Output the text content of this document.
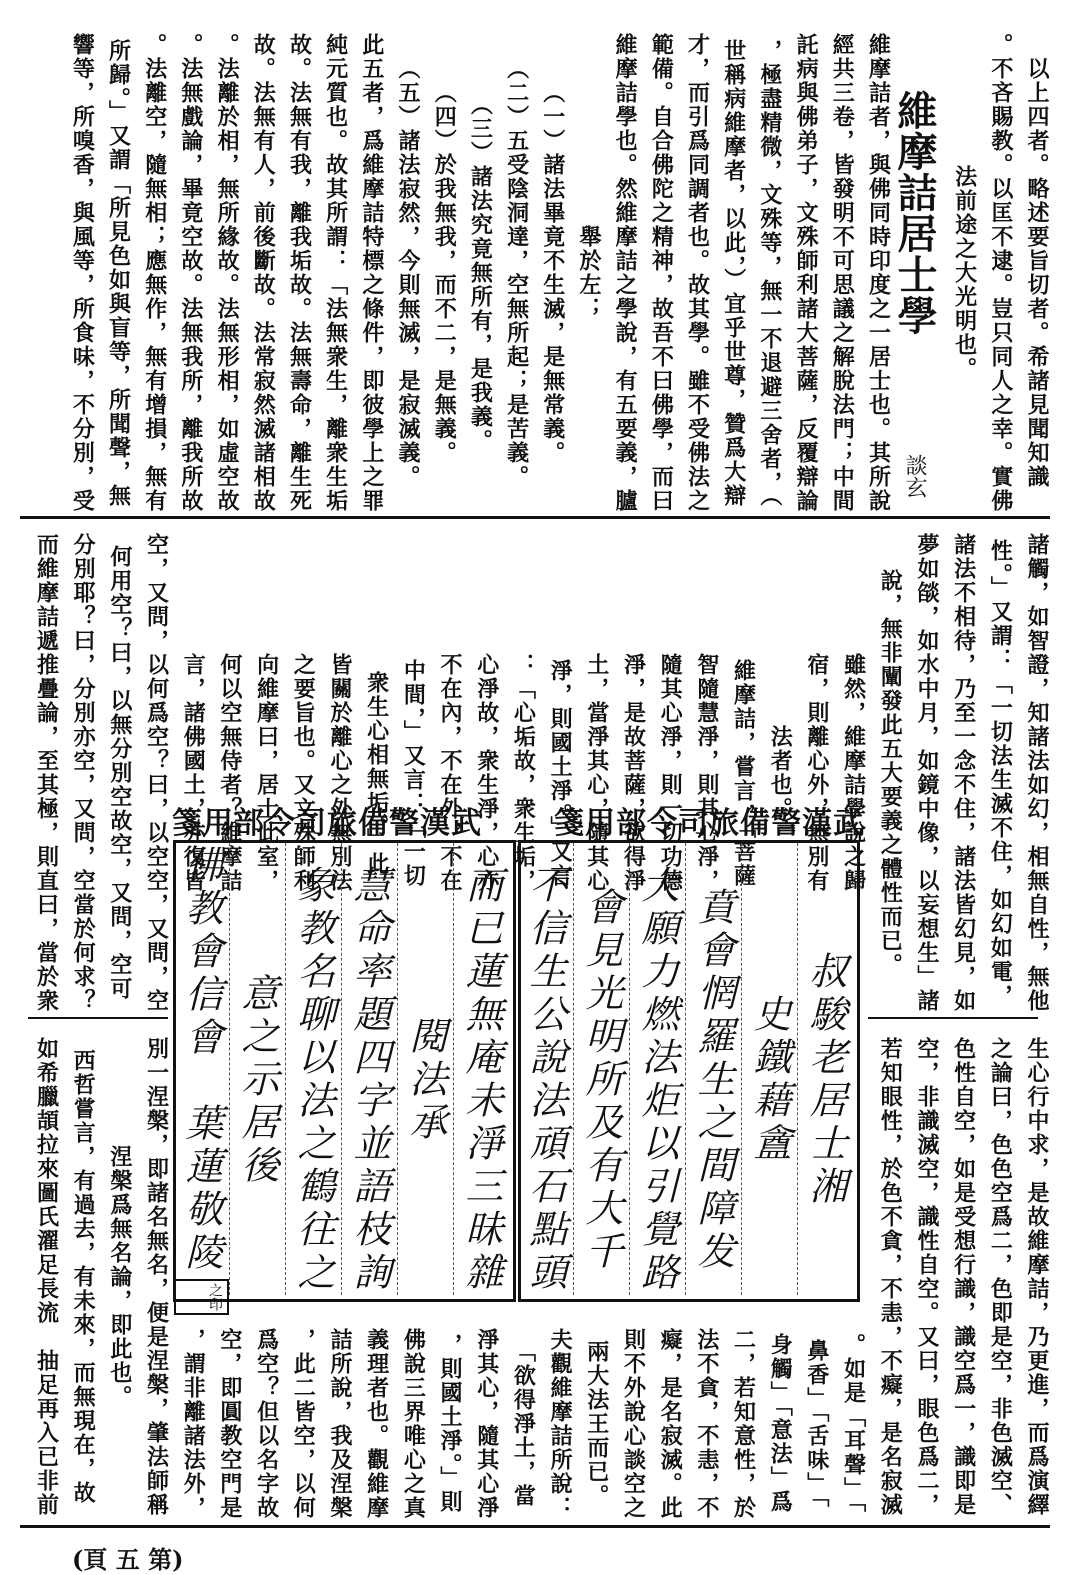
以上四者。略述要旨切者。希諸見聞知識
。不吝賜教。以匡不逮。豈只同人之幸。實佛
法前途之大光明也。
維摩詰居士學
談玄
維摩詰者，與佛同時印度之一居士也。其所說
經共三卷，皆發明不可思議之解脫法門；中間
託病與佛弟子，文殊師利諸大菩薩，反覆辯論
，極盡精微，文殊等，無一不退避三舍者，（
世稱病維摩者，以此，）宜乎世尊，贊爲大辯
才，而引爲同調者也。故其學。雖不受佛法之
範備。自合佛陀之精神，故吾不曰佛學，而曰
維摩詰學也。然維摩詰之學說，有五要義，臚
舉於左；
（一）諸法畢竟不生滅，是無常義。
（二）五受陰洞達，空無所起；是苦義。
（三）諸法究竟無所有，是我義。
（四）於我無我，而不二，是無義。
（五）諸法寂然，今則無滅，是寂滅義。
此五者，爲維摩詰特標之條件，即彼學上之罪
純元質也。故其所謂：「法無衆生，離衆生垢
故。法無有我，離我垢故。法無壽命，離生死
故。法無有人，前後斷故。法常寂然滅諸相故
。法離於相，無所緣故。法無形相，如虛空故
。法無戲論，畢竟空故。法無我所，離我所故
。法離空，隨無相；應無作，無有增損，無有
所歸。」又謂「所見色如與盲等，所聞聲，無
響等，所嗅香，與風等，所食味，不分別，受
諸觸，如智證，知諸法如幻，相無自性，無他
性。」又謂：「一切法生滅不住，如幻如電，
諸法不相待，乃至一念不住，諸法皆幻見，如
夢如燄，如水中月，如鏡中像，以妄想生」諸
說，無非闡發此五大要義之體性而已。
雖然，維摩詰學說之歸
宿，則離心外，無別有
法者也。
維摩詰，嘗言，「菩薩
智隨慧淨，則其心淨，
隨其心淨，則一切功德
淨，是故菩薩，欲得淨
土，當淨其心，隨其心
淨，則國土淨。」又言
：「心垢故，衆生垢，
心淨故，衆生淨，心亦
不在內，不在外，不在
中間，」又言：「一切
衆生心相無垢。」此
皆關於離心之外無別法
之要旨也。又文殊師利
向維摩曰，居士此室，
何以空無侍者？維摩詰
言，諸佛國土，亦復皆
空，又問，以何爲空？曰，以空空，又問，空
何用空？曰，以無分別空故空，又問，空可
分別耶？曰，分別亦空，又問，空當於何求？
而維摩詰遞推疊論，至其極，則直曰，當於衆	武漢警備旅司令部用箋 武漢警備旅司令部用箋
叔駿老居士湘
史鐵藉盦
賁會惘羅生之間障发
大願力燃法炬以引覺路
會見光明所及有大千
不信生公說法頑石點頭
而已蓮無庵未淨三昧雜
閱法承
慧命率題四字並語枝詢
象教名聊以法之鶴往之
意之示居後
佛教會信會　葉蓮敬陵
之印	生心行中求，是故維摩詰，乃更進，而爲演繹
之論曰，色色空爲二，色即是空，非色滅空、
色性自空，如是受想行識，識空爲一，識即是
空，非識滅空，識性自空。又曰，眼色爲二，
若知眼性，於色不貪，不恚，不癡，是名寂滅
。如是「耳聲」「
鼻香」「舌味」「
身觸」「意法」爲
二，若知意性，於
法不貪，不恚，不
癡，是名寂滅。此
則不外說心談空之
兩大法王而已。
夫觀維摩詰所說：
「欲得淨土，當
淨其心，隨其心淨
，則國土淨。」則
佛說三界唯心之真
義理者也。觀維摩
詰所說，我及涅槃
，此二皆空，以何
爲空？但以名字故
空，即圓教空門是
，謂非離諸法外，
別一涅槃，即諸名無名，便是涅槃，肇法師稱
涅槃爲無名論，即此也。
西哲嘗言，有過去，有未來，而無現在，故
如希臘頡拉來圖氏濯足長流　抽足再入已非前
(頁 五 第)
